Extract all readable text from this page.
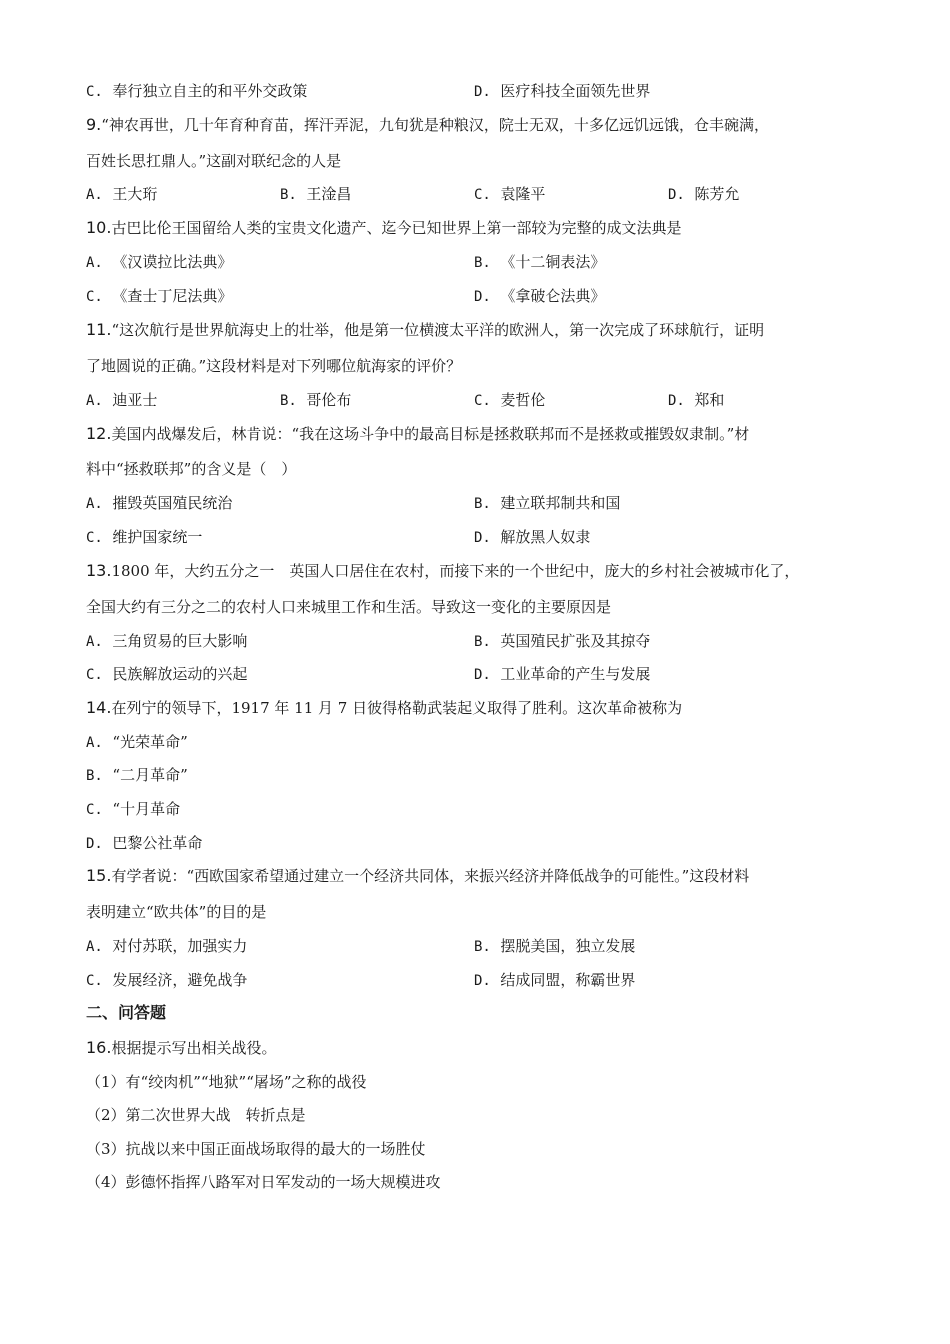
C. 奉行独立自主的和平外交政策	D. 医疗科技全面领先世界
9.“神农再世，几十年育种育苗，挥汗弄泥，九旬犹是种粮汉，院士无双，十多亿远饥远饿，仓丰碗满，
百姓长思扛鼎人。”这副对联纪念的人是
A. 王大珩	B. 王淦昌	C. 袁隆平	D. 陈芳允
10.古巴比伦王国留给人类的宝贵文化遗产、迄今已知世界上第一部较为完整的成文法典是
A. 《汉谟拉比法典》	B. 《十二铜表法》
C. 《查士丁尼法典》	D. 《拿破仑法典》
11.“这次航行是世界航海史上的壮举，他是第一位横渡太平洋的欧洲人，第一次完成了环球航行，证明
了地圆说的正确。”这段材料是对下列哪位航海家的评价？
A. 迪亚士	B. 哥伦布	C. 麦哲伦	D. 郑和
12.美国内战爆发后，林肯说：“我在这场斗争中的最高目标是拯救联邦而不是拯救或摧毁奴隶制。”材
料中“拯救联邦”的含义是（　）
A. 摧毁英国殖民统治	B. 建立联邦制共和国
C. 维护国家统一	D. 解放黑人奴隶
13.1800 年，大约五分之一　英国人口居住在农村，而接下来的一个世纪中，庞大的乡村社会被城市化了，
全国大约有三分之二的农村人口来城里工作和生活。导致这一变化的主要原因是
A. 三角贸易的巨大影响	B. 英国殖民扩张及其掠夺
C. 民族解放运动的兴起	D. 工业革命的产生与发展
14.在列宁的领导下，1917 年 11 月 7 日彼得格勒武装起义取得了胜利。这次革命被称为
A. “光荣革命”
B. “二月革命”
C. “十月革命
D. 巴黎公社革命
15.有学者说：“西欧国家希望通过建立一个经济共同体，来振兴经济并降低战争的可能性。”这段材料
表明建立“欧共体”的目的是
A. 对付苏联，加强实力	B. 摆脱美国，独立发展
C. 发展经济，避免战争	D. 结成同盟，称霸世界
二、问答题
16.根据提示写出相关战役。
（1）有“绞肉机”“地狱”“屠场”之称的战役
（2）第二次世界大战　转折点是
（3）抗战以来中国正面战场取得的最大的一场胜仗
（4）彭德怀指挥八路军对日军发动的一场大规模进攻
